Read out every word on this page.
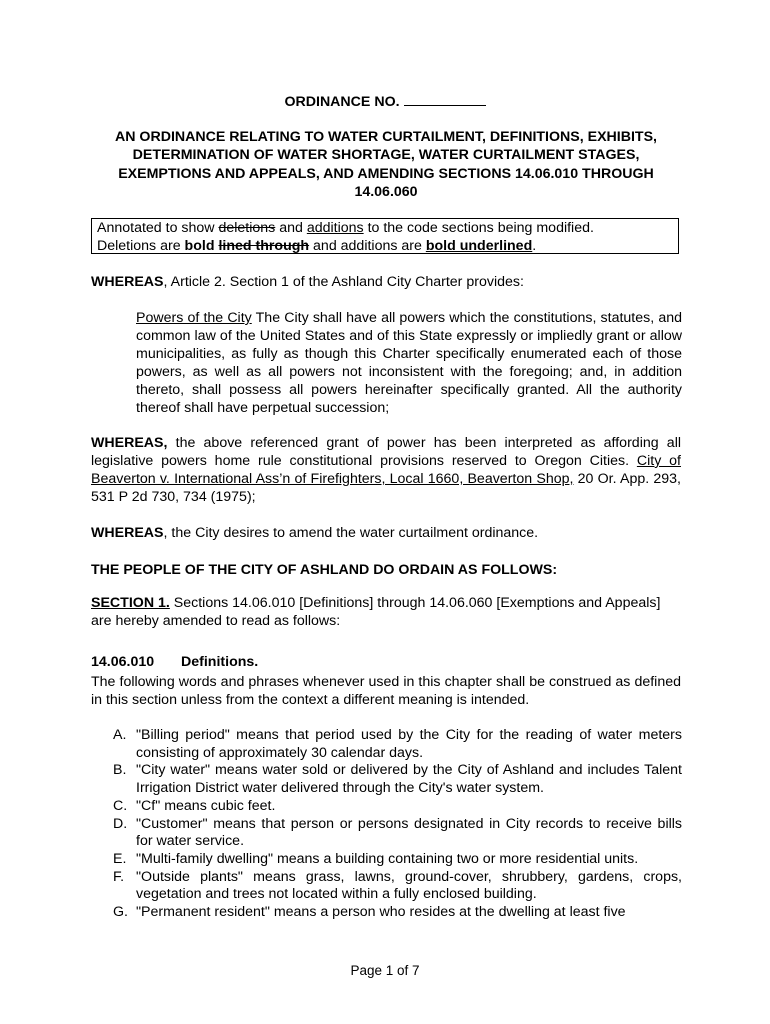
ORDINANCE NO.
AN ORDINANCE RELATING TO WATER CURTAILMENT, DEFINITIONS, EXHIBITS, DETERMINATION OF WATER SHORTAGE, WATER CURTAILMENT STAGES, EXEMPTIONS AND APPEALS, AND AMENDING SECTIONS 14.06.010 THROUGH 14.06.060
Annotated to show deletions and additions to the code sections being modified.
Deletions are bold lined through and additions are bold underlined.
WHEREAS, Article 2. Section 1 of the Ashland City Charter provides:
Powers of the City The City shall have all powers which the constitutions, statutes, and common law of the United States and of this State expressly or impliedly grant or allow municipalities, as fully as though this Charter specifically enumerated each of those powers, as well as all powers not inconsistent with the foregoing; and, in addition thereto, shall possess all powers hereinafter specifically granted. All the authority thereof shall have perpetual succession;
WHEREAS, the above referenced grant of power has been interpreted as affording all legislative powers home rule constitutional provisions reserved to Oregon Cities. City of Beaverton v. International Ass’n of Firefighters, Local 1660, Beaverton Shop, 20 Or. App. 293, 531 P 2d 730, 734 (1975);
WHEREAS, the City desires to amend the water curtailment ordinance.
THE PEOPLE OF THE CITY OF ASHLAND DO ORDAIN AS FOLLOWS:
SECTION 1. Sections 14.06.010 [Definitions] through 14.06.060 [Exemptions and Appeals] are hereby amended to read as follows:
14.06.010 Definitions.
The following words and phrases whenever used in this chapter shall be construed as defined in this section unless from the context a different meaning is intended.
A. "Billing period" means that period used by the City for the reading of water meters consisting of approximately 30 calendar days.
B. "City water" means water sold or delivered by the City of Ashland and includes Talent Irrigation District water delivered through the City's water system.
C. "Cf" means cubic feet.
D. "Customer" means that person or persons designated in City records to receive bills for water service.
E. "Multi-family dwelling" means a building containing two or more residential units.
F. "Outside plants" means grass, lawns, ground-cover, shrubbery, gardens, crops, vegetation and trees not located within a fully enclosed building.
G. "Permanent resident" means a person who resides at the dwelling at least five
Page 1 of 7
